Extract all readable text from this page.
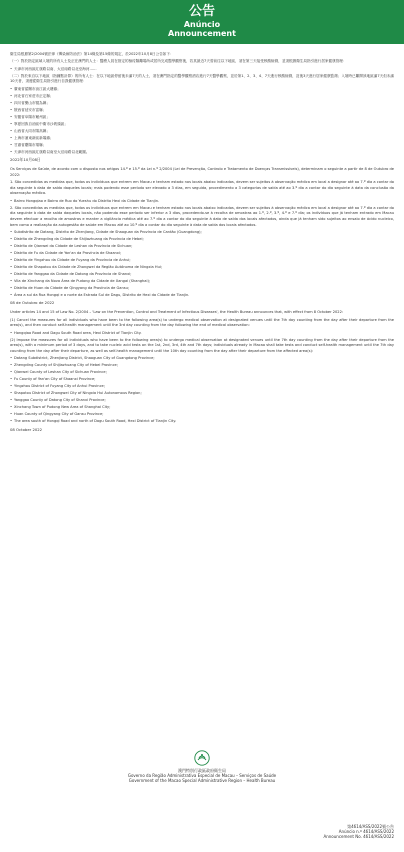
公告
Anúncio
Announcement

衛生局根據第2/2004號法律《傳染病防治法》第14條及第15條的規定，於2022年10月8日公告如下：

（一）對於指定區域入境的所有人士及正在澳門的人士：醫療人員在指定的檢疫隔離場所或居所完成醫學觀察後，若其最近7天曾前往以下地區，須在第三天接受核酸檢測，並須根據衛生局指引進行居家健康管理：

• 天津市河西區紅旗路以南、大沽南路以北至海河……

（二）對於來自以下地區（指鐘點計算）的所有人士：在以下地區停留後未滿7天的人士，須在澳門指定的醫學觀察酒店進行7天醫學觀察，並於第1、2、3、4、7天進行核酸檢測，及後3天進行居家健康監測；入境時已離開該地區滿7天但未滿10天者，須遵從衛生局指引進行自我健康管理：

• 廣東省韶關市湞江區大塘鎮；
• 河北省石家莊市正定縣；
• 四川省樂山市犍為縣；
• 陝西省延安市富縣；
• 安徽省阜陽市潁州區；
• 寧夏回族自治區中衛市沙坡頭區；
• 山西省大同市陽高縣；
• 上海市浦東新區新場鎮；
• 甘肅省慶陽市環縣；
• 天津市河西區紅旗路以南至大沽南路以北範圍。
2022年10月08日

Os Serviços de Saúde, de acordo com o disposto nos artigos 14.º e 15.º da Lei n.º 2/2004 (Lei de Prevenção, Controlo e Tratamento de Doenças Transmissíveis), determinam o seguinte a partir de 8 de Outubro de 2022:

1. São concedidos as medidas que, todos os indivíduos que entrem em Macau e tenham estado nos locais abaixo indicados, devem ser sujeitos à observação médica em local a designar até ao 7.º dia a contar do dia seguinte à data de saída daqueles locais; mais podendo esse período ser elevado a 3 dias, em seguida, procedimento a 3 categorias de saída até ao 3.º dia a contar do dia seguinte à data da conclusão da observação médica.

• Bairro Hongqiao e Bairro de Ruo do Yueshu do Distrito Hexi da Cidade de Tianjin.

2. São concedidas as medidas que, todos os indivíduos que entrem em Macau e tenham estado nos locais abaixo indicados, devem ser sujeitos à observação médica em local a designar até ao 7.º dia a contar do dia seguinte à data de saída daqueles locais, não podendo esse período ser inferior a 3 dias, procedendo-se à recolha de amostras ao 1.º, 2.º, 3.º, 4.º e 7.º dia; os indivíduos que já tenham entrado em Macau devem efectuar a recolha de amostras e manter a vigilância médica até ao 7.º dia a contar do dia seguinte à data de saída dos locais afectados, ainda que já tenham sido sujeitos ao ensaio de ácido nucleico, bem como a realização da autogestão de saúde em Macau até ao 10.º dia a contar do dia seguinte à data de saída dos locais afectados.

• Subdistrito de Datang, Distrito de Zhenjiang, Cidade de Shaoguan da Província de Cantão (Guangdong);
• Distrito de Zhengding da Cidade de Shijiazhuang da Província de Hebei;
• Distrito de Qianwei da Cidade de Leshan da Província de Sichuan;
• Distrito de Fu da Cidade de Yan'an da Província de Shaanxi;
• Distrito de Yingzhou da Cidade de Fuyang da Província de Anhui;
• Distrito de Shapotou da Cidade de Zhongwei da Região Autónoma de Ningxia Hui;
• Distrito de Yanggao da Cidade de Datong da Província de Shanxi;
• Vila de Xinchang da Nova Área de Pudong da Cidade de Xangai (Shanghai);
• Distrito de Huan da Cidade de Qingyang da Província de Gansu;
• Área a sul da Rua Hongqi e a norte da Estrada Sul de Dagu, Distrito de Hexi da Cidade de Tianjin.
08 de Outubro de 2022

Under articles 14 and 15 of Law No. 2/2004 – 'Law on the Prevention, Control and Treatment of Infectious Diseases', the Health Bureau announces that, with effect from 8 October 2022:

(1) Cancel the measures for all individuals who have been to the following area(s) to undergo medical observation at designated venues until the 7th day counting from the day after their departure from the area(s), and then conduct self-health management until the 3rd day counting from the day following the end of medical observation:

• Hongqiao Road and Dagu South Road area, Hexi District of Tianjin City.

(2) Impose the measures for all individuals who have been to the following area(s) to undergo medical observation at designated venues until the 7th day counting from the day after their departure from the area(s), with a minimum period of 3 days, and to take nucleic acid tests on the 1st, 2nd, 3rd, 4th and 7th days; individuals already in Macao shall take tests and conduct self-health management until the 7th day counting from the day after their departure, as well as self-health management until the 10th day counting from the day after their departure from the affected area(s):

• Datang Subdistrict, Zhenjiang District, Shaoguan City of Guangdong Province;
• Zhengding County of Shijiazhuang City of Hebei Province;
• Qianwei County of Leshan City of Sichuan Province;
• Fu County of Yan'an City of Shaanxi Province;
• Yingzhou District of Fuyang City of Anhui Province;
• Shapotou District of Zhongwei City of Ningxia Hui Autonomous Region;
• Yanggao County of Datong City of Shanxi Province;
• Xinchang Town of Pudong New Area of Shanghai City;
• Huan County of Qingyang City of Gansu Province;
• The area south of Hongqi Road and north of Dagu South Road, Hexi District of Tianjin City.
08 October 2022
澳門特別行政區政府衛生局
Governo da Região Administrativa Especial de Macau – Serviços de Saúde
Government of the Macao Special Administrative Region – Health Bureau
第4614/ASS/2022號公告
Anúncio n.º 4614/ASS/2022
Announcement No. 4614/ASS/2022
